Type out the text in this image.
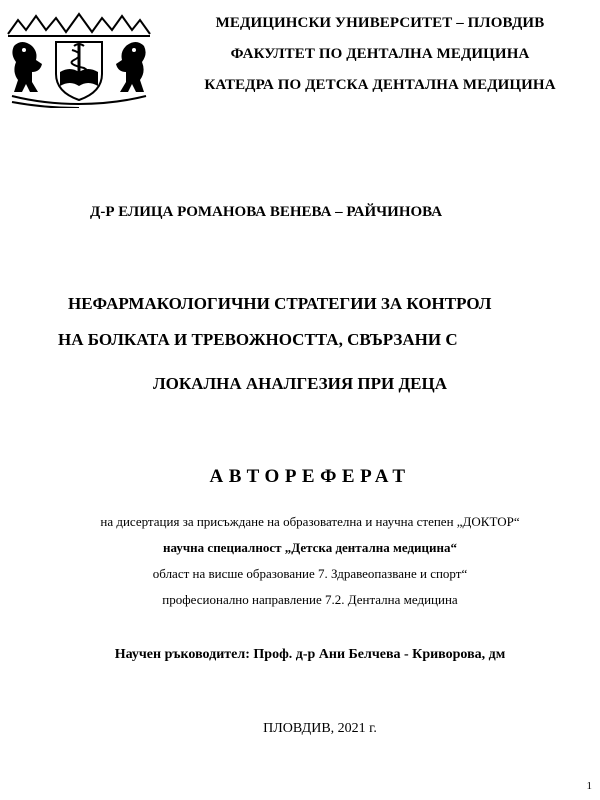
МЕДИЦИНСКИ УНИВЕРСИТЕТ – ПЛОВДИВ
ФАКУЛТЕТ ПО ДЕНТАЛНА МЕДИЦИНА
КАТЕДРА ПО ДЕТСКА ДЕНТАЛНА МЕДИЦИНА
Д-Р ЕЛИЦА РОМАНОВА ВЕНЕВА – РАЙЧИНОВА
НЕФАРМАКОЛОГИЧНИ СТРАТЕГИИ ЗА КОНТРОЛ
НА БОЛКАТА И ТРЕВОЖНОСТТА, СВЪРЗАНИ С
ЛОКАЛНА АНАЛГЕЗИЯ ПРИ ДЕЦА
АВТОРЕФЕРАТ
на дисертация за присъждане на образователна и научна степен „ДОКТОР“
научна специалност „Детска дентална медицина“
област на висше образование 7. Здравеопазване и спорт“
професионално направление 7.2. Дентална медицина
Научен ръководител: Проф. д-р Ани Белчева - Криворова, дм
ПЛОВДИВ, 2021 г.
1
